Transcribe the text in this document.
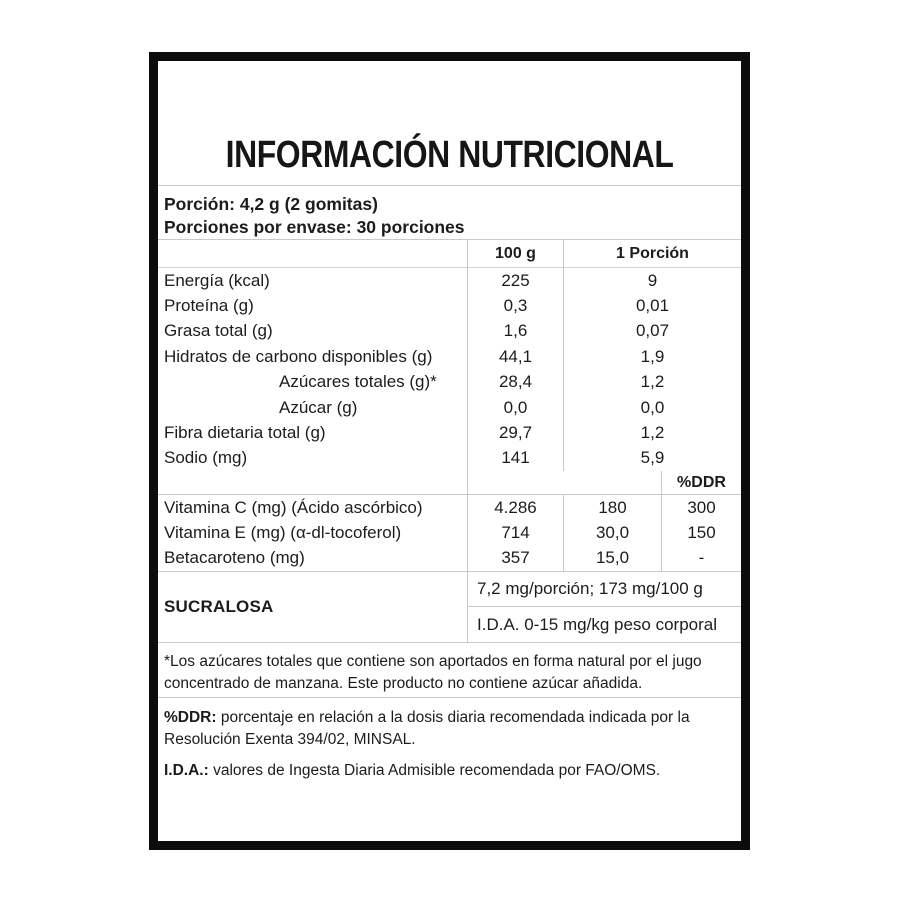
INFORMACIÓN NUTRICIONAL
Porción: 4,2 g (2 gomitas)
Porciones por envase: 30 porciones
100 g	1 Porción
Energía (kcal)	225	9
Proteína (g)	0,3	0,01
Grasa total (g)	1,6	0,07
Hidratos de carbono disponibles (g)	44,1	1,9
Azúcares totales (g)*	28,4	1,2
Azúcar (g)	0,0	0,0
Fibra dietaria total (g)	29,7	1,2
Sodio (mg)	141	5,9
%DDR
Vitamina C (mg) (Ácido ascórbico)	4.286	180	300
Vitamina E (mg) (α-dl-tocoferol)	714	30,0	150
Betacaroteno (mg)	357	15,0	-
SUCRALOSA
7,2 mg/porción; 173 mg/100 g
I.D.A. 0-15 mg/kg peso corporal
*Los azúcares totales que contiene son aportados en forma natural por el jugo concentrado de manzana. Este producto no contiene azúcar añadida.

%DDR: porcentaje en relación a la dosis diaria recomendada indicada por la Resolución Exenta 394/02, MINSAL.

I.D.A.: valores de Ingesta Diaria Admisible recomendada por FAO/OMS.
